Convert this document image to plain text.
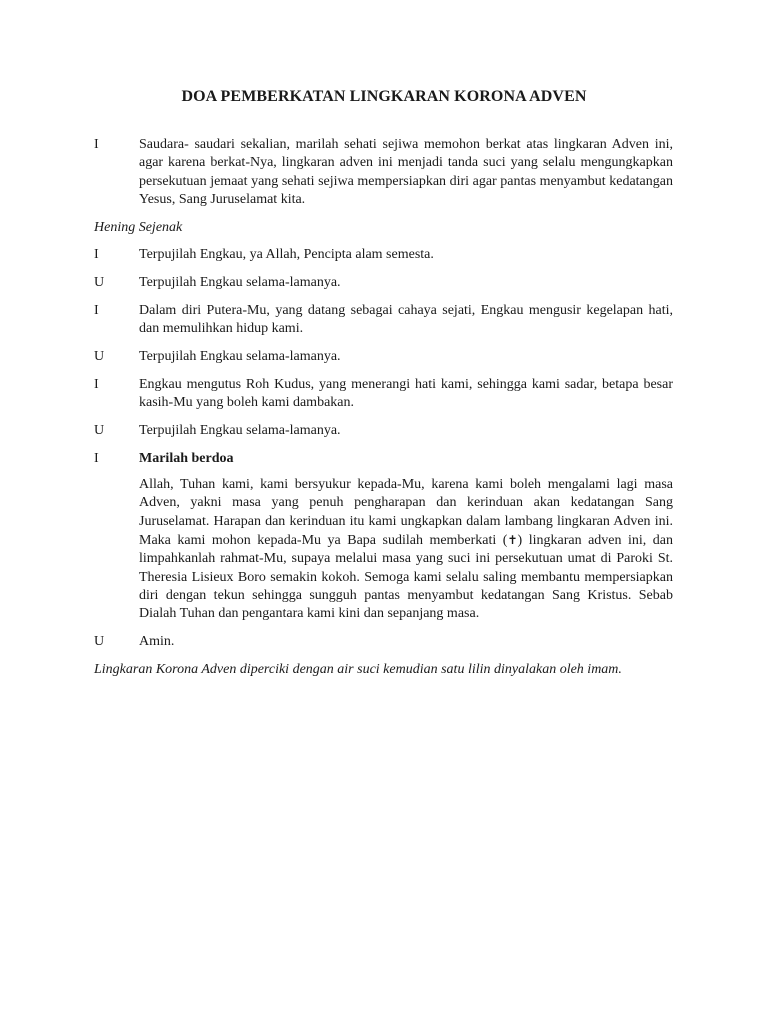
DOA PEMBERKATAN LINGKARAN KORONA ADVEN
I	Saudara- saudari sekalian, marilah sehati sejiwa memohon berkat atas lingkaran Adven ini, agar karena berkat-Nya, lingkaran adven ini menjadi tanda suci yang selalu mengungkapkan persekutuan jemaat yang sehati sejiwa mempersiapkan diri agar pantas menyambut kedatangan Yesus, Sang Juruselamat kita.
Hening Sejenak
I	Terpujilah Engkau, ya Allah, Pencipta alam semesta.
U	Terpujilah Engkau selama-lamanya.
I	Dalam diri Putera-Mu, yang datang sebagai cahaya sejati, Engkau mengusir kegelapan hati, dan memulihkan hidup kami.
U	Terpujilah Engkau selama-lamanya.
I	Engkau mengutus Roh Kudus, yang menerangi hati kami, sehingga kami sadar, betapa besar kasih-Mu yang boleh kami dambakan.
U	Terpujilah Engkau selama-lamanya.
I	Marilah berdoa
Allah, Tuhan kami, kami bersyukur kepada-Mu, karena kami boleh mengalami lagi masa Adven, yakni masa yang penuh pengharapan dan kerinduan akan kedatangan Sang Juruselamat. Harapan dan kerinduan itu kami ungkapkan dalam lambang lingkaran Adven ini. Maka kami mohon kepada-Mu ya Bapa sudilah memberkati (✝) lingkaran adven ini, dan limpahkanlah rahmat-Mu, supaya melalui masa yang suci ini persekutuan umat di Paroki St. Theresia Lisieux Boro semakin kokoh. Semoga kami selalu saling membantu mempersiapkan diri dengan tekun sehingga sungguh pantas menyambut kedatangan Sang Kristus. Sebab Dialah Tuhan dan pengantara kami kini dan sepanjang masa.
U	Amin.
Lingkaran Korona Adven diperciki dengan air suci kemudian satu lilin dinyalakan oleh imam.
